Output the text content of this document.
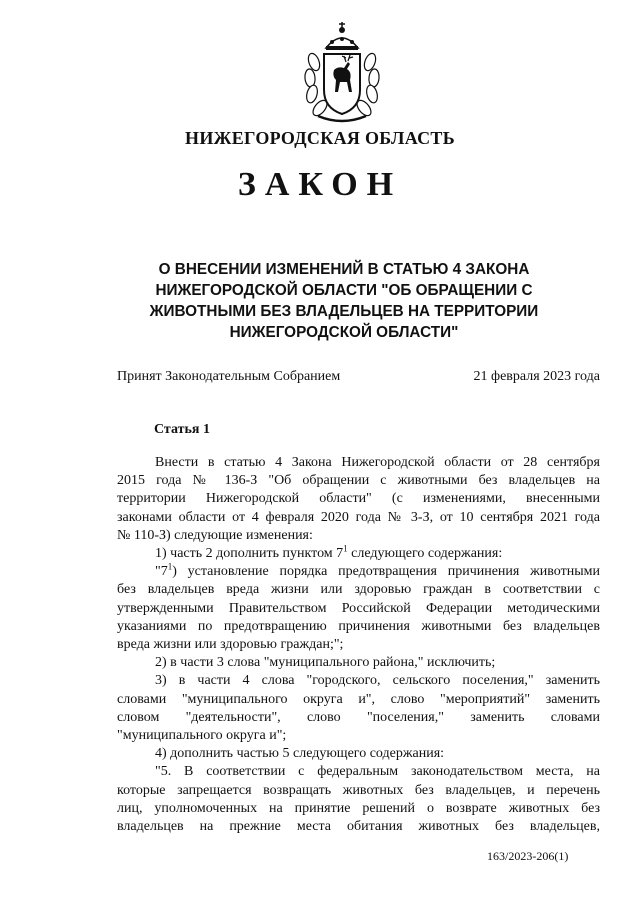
НИЖЕГОРОДСКАЯ ОБЛАСТЬ
ЗАКОН
О ВНЕСЕНИИ ИЗМЕНЕНИЙ В СТАТЬЮ 4 ЗАКОНА
НИЖЕГОРОДСКОЙ ОБЛАСТИ "ОБ ОБРАЩЕНИИ С
ЖИВОТНЫМИ БЕЗ ВЛАДЕЛЬЦЕВ НА ТЕРРИТОРИИ
НИЖЕГОРОДСКОЙ ОБЛАСТИ"
Принят Законодательным Собранием	21 февраля 2023 года
Статья 1

Внести в статью 4 Закона Нижегородской области от 28 сентября

2015 года № 136-З "Об обращении с животными без владельцев на

территории Нижегородской области" (с изменениями, внесенными

законами области от 4 февраля 2020 года № 3-З, от 10 сентября 2021 года

№ 110-З) следующие изменения:

1) часть 2 дополнить пунктом $7^1$ следующего содержания:

"$7^1$) установление порядка предотвращения причинения животными

без владельцев вреда жизни или здоровью граждан в соответствии с

утвержденными Правительством Российской Федерации методическими

указаниями по предотвращению причинения животными без владельцев

вреда жизни или здоровью граждан;";

2) в части 3 слова "муниципального района," исключить;

3) в части 4 слова "городского, сельского поселения," заменить

словами "муниципального округа и", слово "мероприятий" заменить

словом "деятельности", слово "поселения," заменить словами

"муниципального округа и";

4) дополнить частью 5 следующего содержания:

"5. В соответствии с федеральным законодательством места, на

которые запрещается возвращать животных без владельцев, и перечень

лиц, уполномоченных на принятие решений о возврате животных без

владельцев на прежние места обитания животных без владельцев,

163/2023-206(1)
